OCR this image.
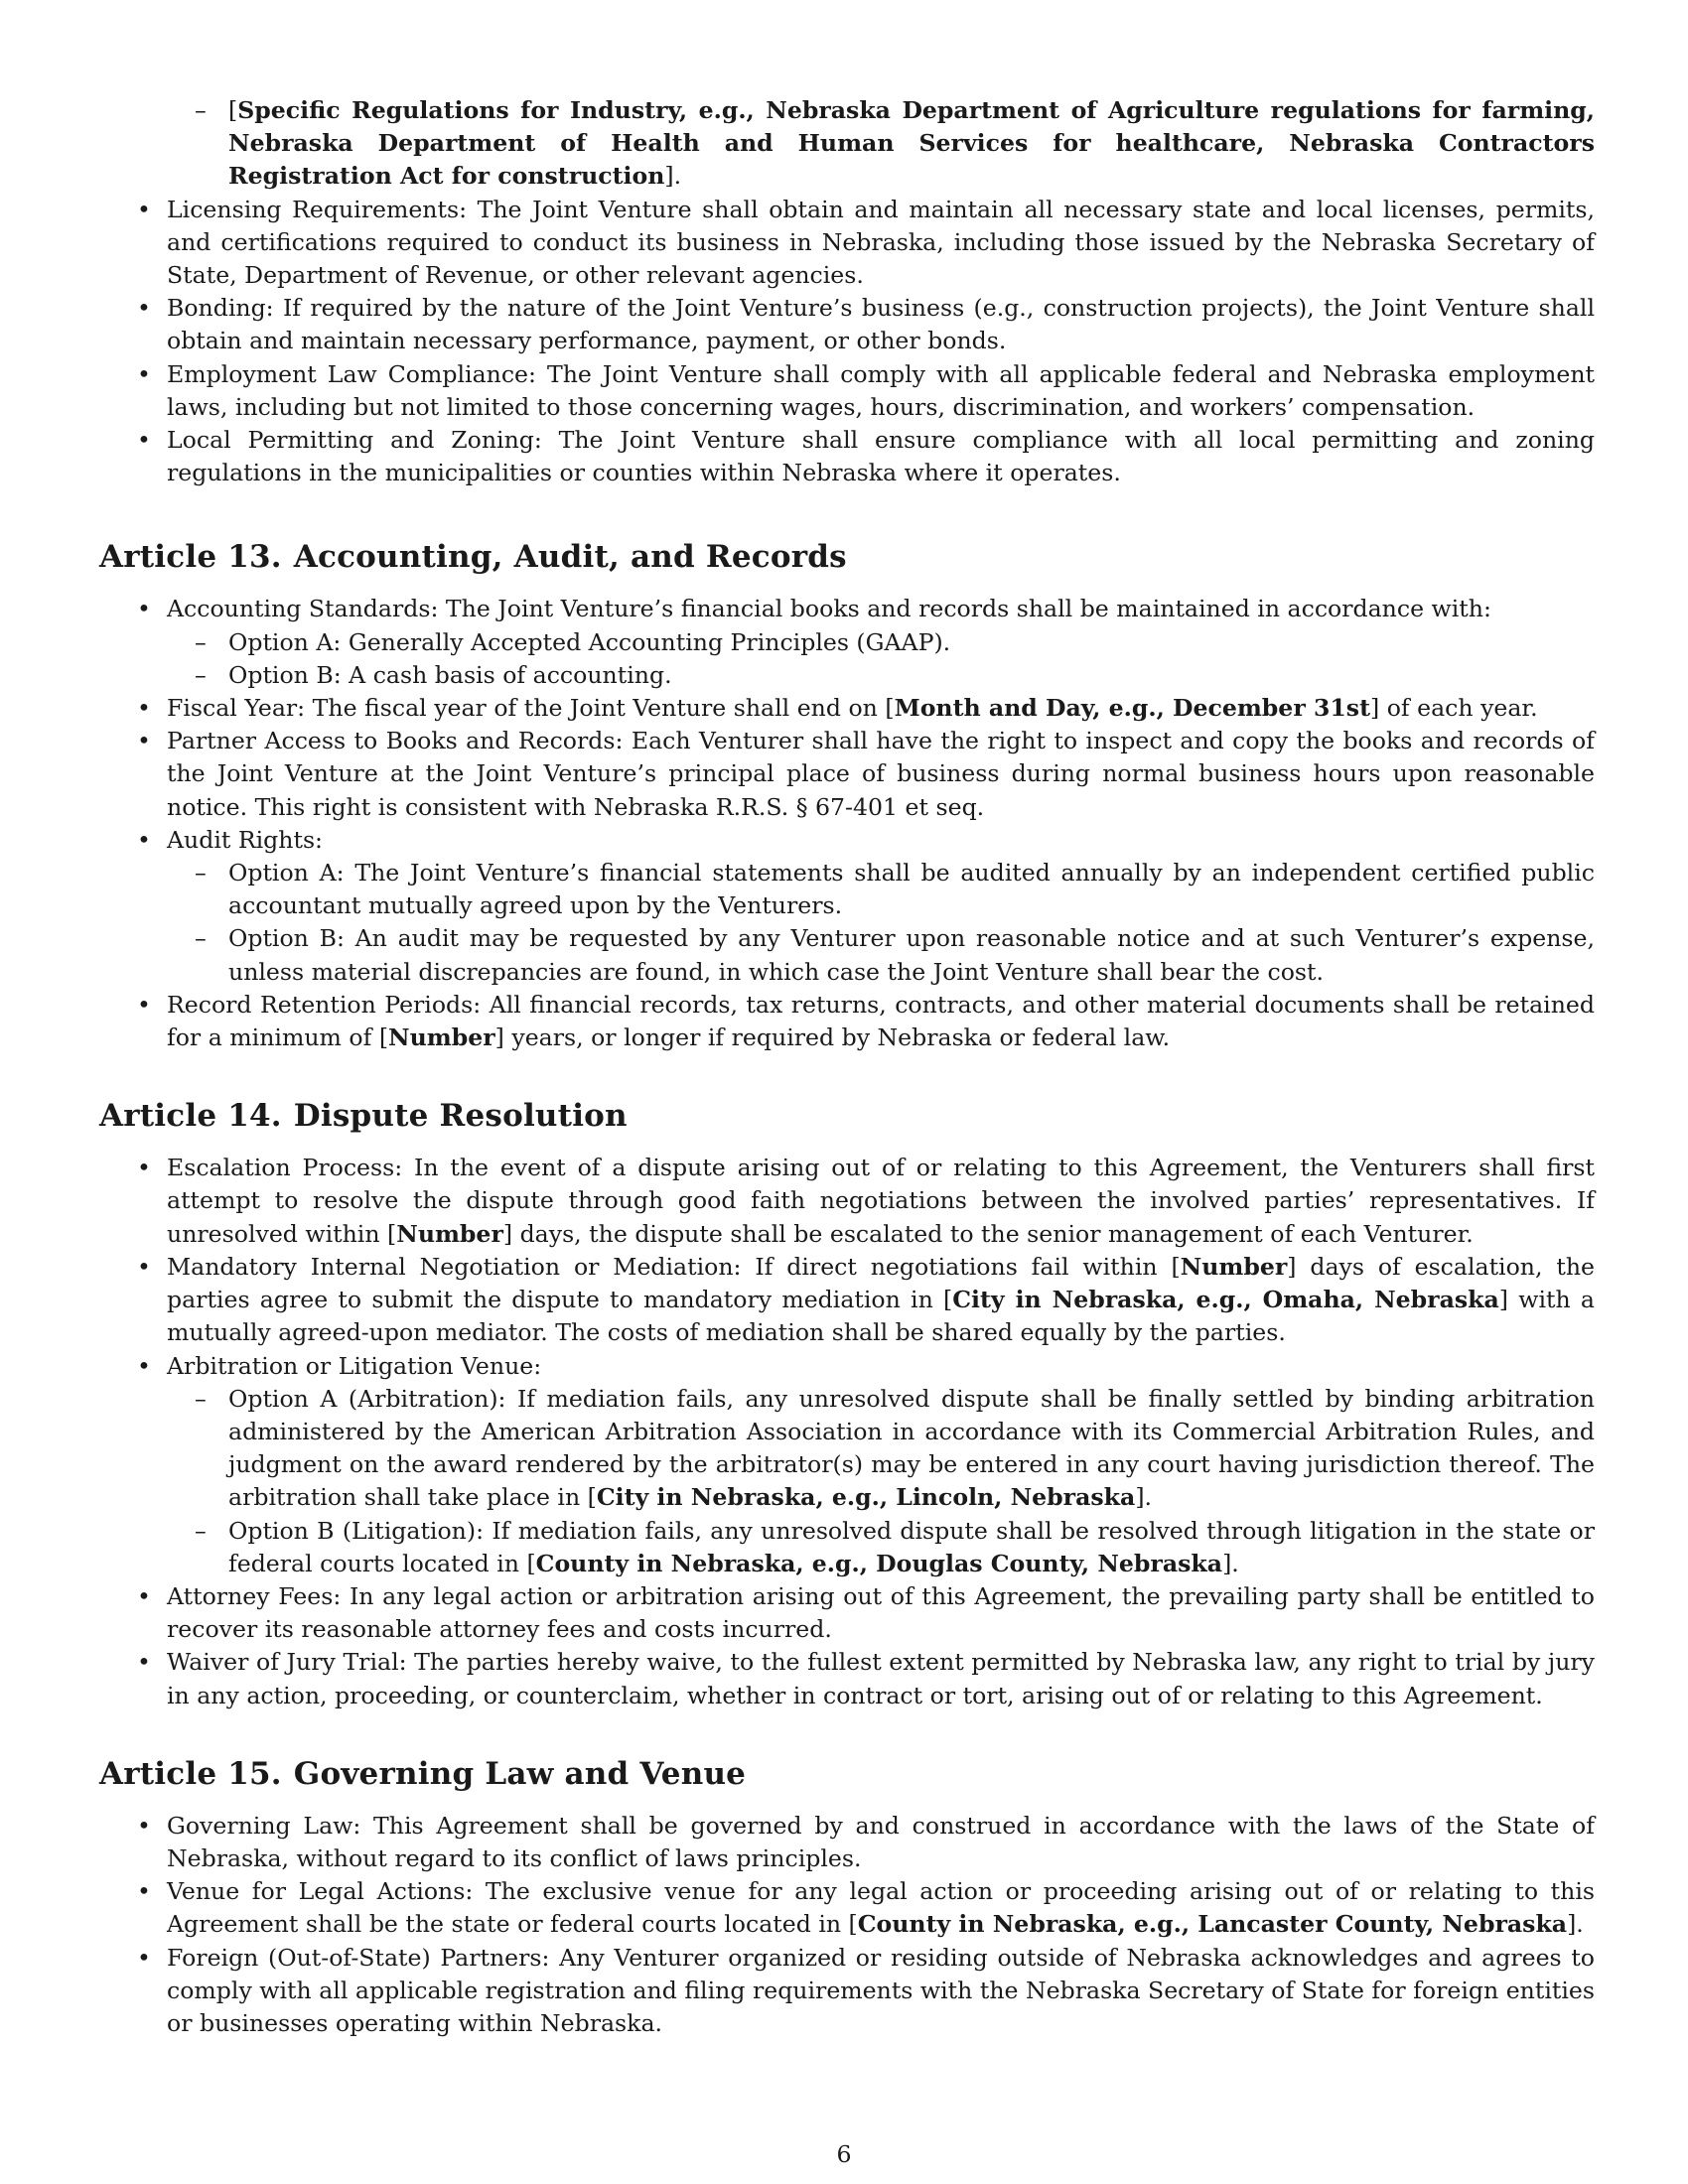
– [Specific Regulations for Industry, e.g., Nebraska Department of Agriculture regulations for farming, Nebraska Department of Health and Human Services for healthcare, Nebraska Contractors Registration Act for construction].
• Licensing Requirements: The Joint Venture shall obtain and maintain all necessary state and local licenses, permits, and certifications required to conduct its business in Nebraska, including those issued by the Nebraska Secretary of State, Department of Revenue, or other relevant agencies.
• Bonding: If required by the nature of the Joint Venture’s business (e.g., construction projects), the Joint Venture shall obtain and maintain necessary performance, payment, or other bonds.
• Employment Law Compliance: The Joint Venture shall comply with all applicable federal and Nebraska employment laws, including but not limited to those concerning wages, hours, discrimination, and workers’ compensation.
• Local Permitting and Zoning: The Joint Venture shall ensure compliance with all local permitting and zoning regulations in the municipalities or counties within Nebraska where it operates.
Article 13. Accounting, Audit, and Records
• Accounting Standards: The Joint Venture’s financial books and records shall be maintained in accordance with:
– Option A: Generally Accepted Accounting Principles (GAAP).
– Option B: A cash basis of accounting.
• Fiscal Year: The fiscal year of the Joint Venture shall end on [Month and Day, e.g., December 31st] of each year.
• Partner Access to Books and Records: Each Venturer shall have the right to inspect and copy the books and records of the Joint Venture at the Joint Venture’s principal place of business during normal business hours upon reasonable notice. This right is consistent with Nebraska R.R.S. § 67-401 et seq.
• Audit Rights:
– Option A: The Joint Venture’s financial statements shall be audited annually by an independent certified public accountant mutually agreed upon by the Venturers.
– Option B: An audit may be requested by any Venturer upon reasonable notice and at such Venturer’s expense, unless material discrepancies are found, in which case the Joint Venture shall bear the cost.
• Record Retention Periods: All financial records, tax returns, contracts, and other material documents shall be retained for a minimum of [Number] years, or longer if required by Nebraska or federal law.
Article 14. Dispute Resolution
• Escalation Process: In the event of a dispute arising out of or relating to this Agreement, the Venturers shall first attempt to resolve the dispute through good faith negotiations between the involved parties’ representatives. If unresolved within [Number] days, the dispute shall be escalated to the senior management of each Venturer.
• Mandatory Internal Negotiation or Mediation: If direct negotiations fail within [Number] days of escalation, the parties agree to submit the dispute to mandatory mediation in [City in Nebraska, e.g., Omaha, Nebraska] with a mutually agreed-upon mediator. The costs of mediation shall be shared equally by the parties.
• Arbitration or Litigation Venue:
– Option A (Arbitration): If mediation fails, any unresolved dispute shall be finally settled by binding arbitration administered by the American Arbitration Association in accordance with its Commercial Arbitration Rules, and judgment on the award rendered by the arbitrator(s) may be entered in any court having jurisdiction thereof. The arbitration shall take place in [City in Nebraska, e.g., Lincoln, Nebraska].
– Option B (Litigation): If mediation fails, any unresolved dispute shall be resolved through litigation in the state or federal courts located in [County in Nebraska, e.g., Douglas County, Nebraska].
• Attorney Fees: In any legal action or arbitration arising out of this Agreement, the prevailing party shall be entitled to recover its reasonable attorney fees and costs incurred.
• Waiver of Jury Trial: The parties hereby waive, to the fullest extent permitted by Nebraska law, any right to trial by jury in any action, proceeding, or counterclaim, whether in contract or tort, arising out of or relating to this Agreement.
Article 15. Governing Law and Venue
• Governing Law: This Agreement shall be governed by and construed in accordance with the laws of the State of Nebraska, without regard to its conflict of laws principles.
• Venue for Legal Actions: The exclusive venue for any legal action or proceeding arising out of or relating to this Agreement shall be the state or federal courts located in [County in Nebraska, e.g., Lancaster County, Nebraska].
• Foreign (Out-of-State) Partners: Any Venturer organized or residing outside of Nebraska acknowledges and agrees to comply with all applicable registration and filing requirements with the Nebraska Secretary of State for foreign entities or businesses operating within Nebraska.
6
